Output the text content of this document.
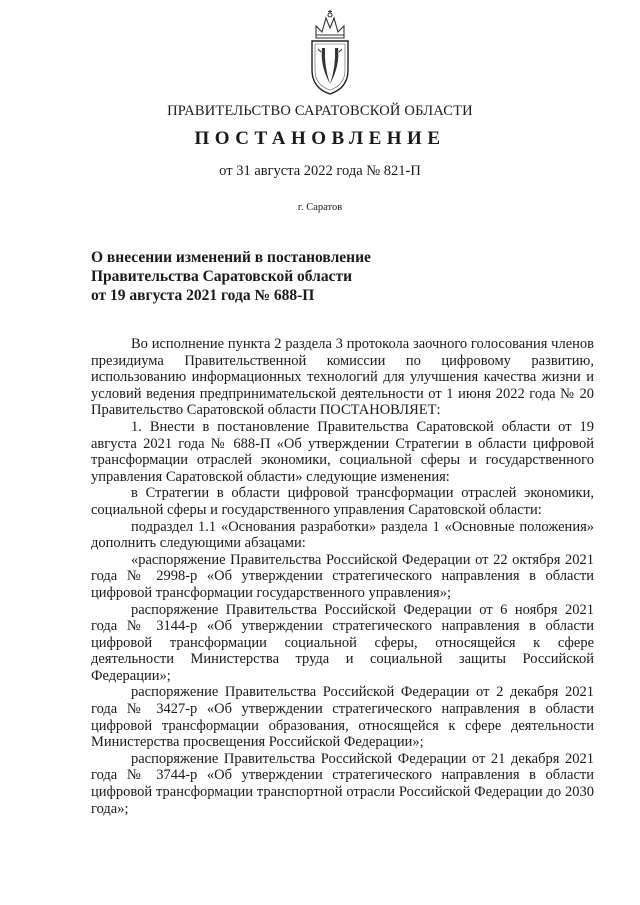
ПРАВИТЕЛЬСТВО САРАТОВСКОЙ ОБЛАСТИ
ПОСТАНОВЛЕНИЕ
от 31 августа 2022 года № 821-П
г. Саратов
О внесении изменений в постановление
Правительства Саратовской области
от 19 августа 2021 года № 688-П

Во исполнение пункта 2 раздела 3 протокола заочного голосования членов президиума Правительственной комиссии по цифровому развитию, использованию информационных технологий для улучшения качества жизни и условий ведения предпринимательской деятельности от 1 июня 2022 года № 20 Правительство Саратовской области ПОСТАНОВЛЯЕТ:

1. Внести в постановление Правительства Саратовской области от 19 августа 2021 года № 688-П «Об утверждении Стратегии в области цифровой трансформации отраслей экономики, социальной сферы и государственного управления Саратовской области» следующие изменения:

в Стратегии в области цифровой трансформации отраслей экономики, социальной сферы и государственного управления Саратовской области:

подраздел 1.1 «Основания разработки» раздела 1 «Основные положения» дополнить следующими абзацами:

«распоряжение Правительства Российской Федерации от 22 октября 2021 года № 2998-р «Об утверждении стратегического направления в области цифровой трансформации государственного управления»;

распоряжение Правительства Российской Федерации от 6 ноября 2021 года № 3144-р «Об утверждении стратегического направления в области цифровой трансформации социальной сферы, относящейся к сфере деятельности Министерства труда и социальной защиты Российской Федерации»;

распоряжение Правительства Российской Федерации от 2 декабря 2021 года № 3427-р «Об утверждении стратегического направления в области цифровой трансформации образования, относящейся к сфере деятельности Министерства просвещения Российской Федерации»;

распоряжение Правительства Российской Федерации от 21 декабря 2021 года № 3744-р «Об утверждении стратегического направления в области цифровой трансформации транспортной отрасли Российской Федерации до 2030 года»;
